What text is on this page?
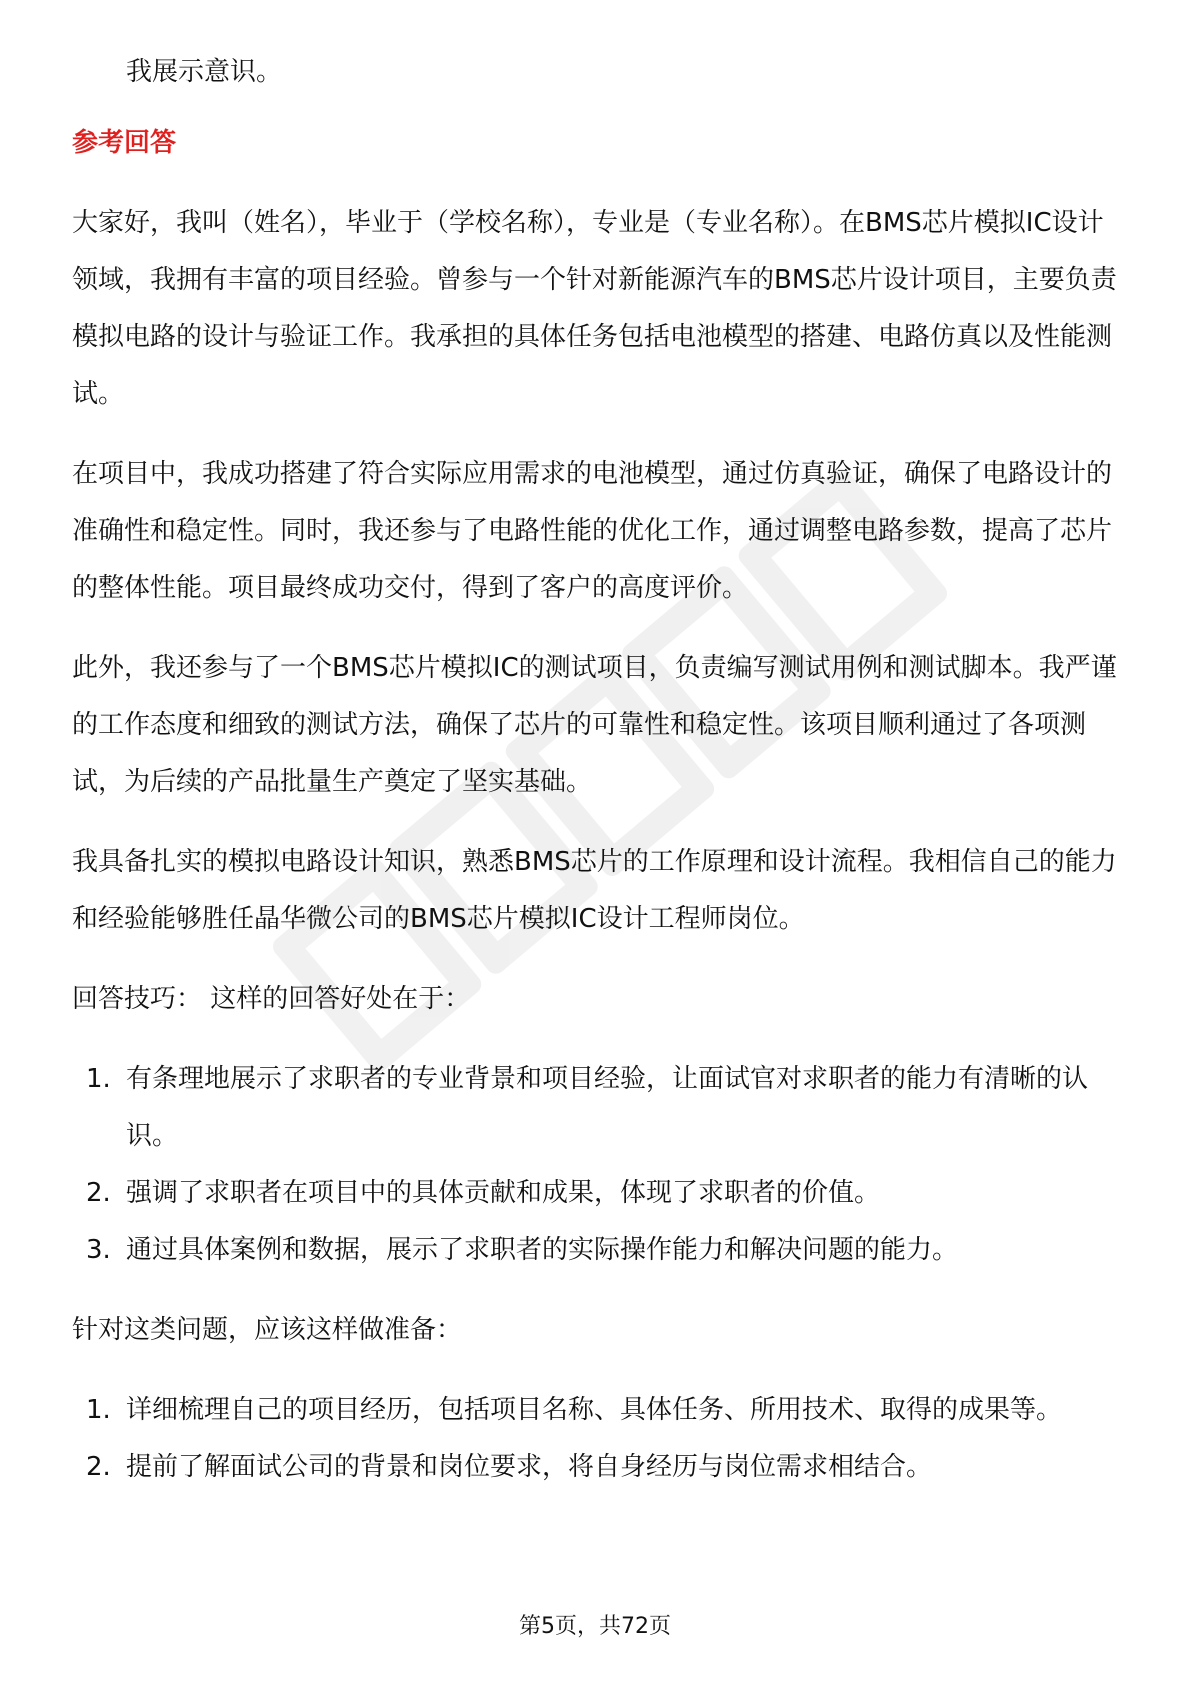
我展示意识。

参考回答

大家好，我叫（姓名），毕业于（学校名称），专业是（专业名称）。在BMS芯片模拟IC设计领域，我拥有丰富的项目经验。曾参与一个针对新能源汽车的BMS芯片设计项目，主要负责模拟电路的设计与验证工作。我承担的具体任务包括电池模型的搭建、电路仿真以及性能测试。

在项目中，我成功搭建了符合实际应用需求的电池模型，通过仿真验证，确保了电路设计的准确性和稳定性。同时，我还参与了电路性能的优化工作，通过调整电路参数，提高了芯片的整体性能。项目最终成功交付，得到了客户的高度评价。

此外，我还参与了一个BMS芯片模拟IC的测试项目，负责编写测试用例和测试脚本。我严谨的工作态度和细致的测试方法，确保了芯片的可靠性和稳定性。该项目顺利通过了各项测试，为后续的产品批量生产奠定了坚实基础。

我具备扎实的模拟电路设计知识，熟悉BMS芯片的工作原理和设计流程。我相信自己的能力和经验能够胜任晶华微公司的BMS芯片模拟IC设计工程师岗位。

回答技巧： 这样的回答好处在于：

1. 有条理地展示了求职者的专业背景和项目经验，让面试官对求职者的能力有清晰的认识。
2. 强调了求职者在项目中的具体贡献和成果，体现了求职者的价值。
3. 通过具体案例和数据，展示了求职者的实际操作能力和解决问题的能力。

针对这类问题，应该这样做准备：

1. 详细梳理自己的项目经历，包括项目名称、具体任务、所用技术、取得的成果等。
2. 提前了解面试公司的背景和岗位要求，将自身经历与岗位需求相结合。
第5页，共72页
